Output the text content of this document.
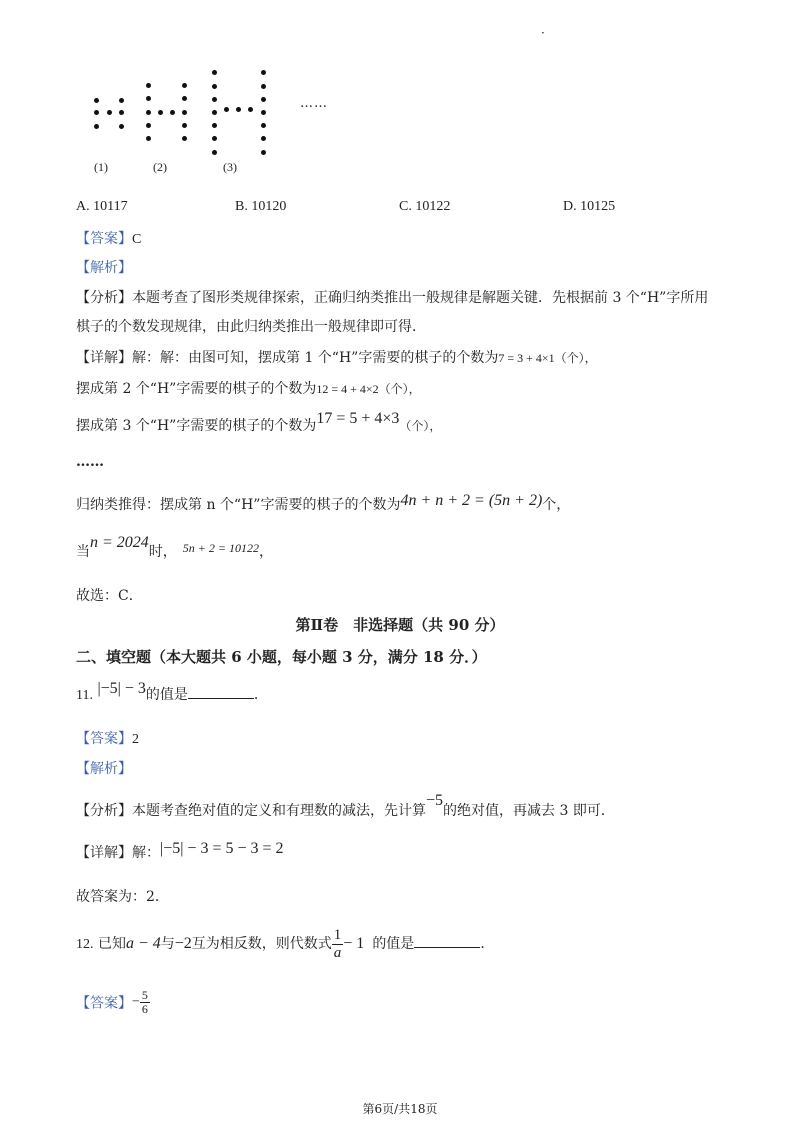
·
(1)	(2)	(3)
……
A. 10117	B. 10120	C. 10122	D. 10125
【答案】C
【解析】
【分析】本题考查了图形类规律探索，正确归纳类推出一般规律是解题关键．先根据前 3 个“H”字所用
棋子的个数发现规律，由此归纳类推出一般规律即可得．
【详解】解：解：由图可知，摆成第 1 个“H”字需要的棋子的个数为7 = 3 + 4×1（个），
摆成第 2 个“H”字需要的棋子的个数为12 = 4 + 4×2（个），
摆成第 3 个“H”字需要的棋子的个数为17 = 5 + 4×3（个），
……
归纳类推得：摆成第 n 个“H”字需要的棋子的个数为4n + n + 2 = (5n + 2)个，
当n = 2024时， 5n + 2 = 10122，
故选：C．
第Ⅱ卷　非选择题（共 90 分）
二、填空题（本大题共 6 小题，每小题 3 分，满分 18 分．）
11. |−5| − 3的值是	．
【答案】2
【解析】
【分析】本题考查绝对值的定义和有理数的减法，先计算−5的绝对值，再减去 3 即可．
【详解】解：|−5| − 3 = 5 − 3 = 2
故答案为：2．
12. 已知a − 4与−2互为相反数，则代数式 $\frac{1}{a} - 1$ 的值是	．
【答案】− $\frac{5}{6}$
第6页/共18页
